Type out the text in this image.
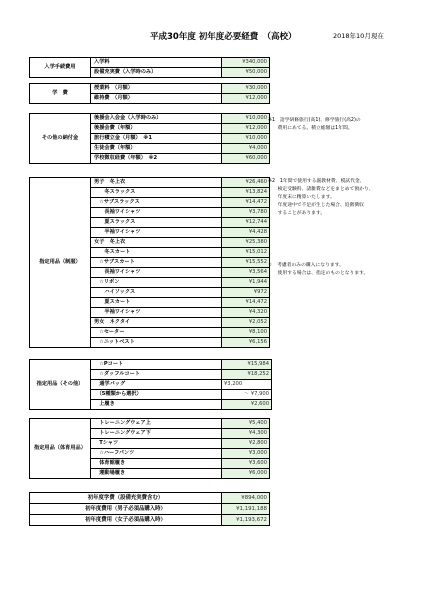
平成30年度 初年度必要経費　（高校）	2018年10月現在
入学手続費用	入学料	¥340,000
	設備充実費（入学時のみ）	¥50,000
学　費	授業料　（月額）	¥30,000
	維持費　（月額）	¥12,000
その他の納付金	後援会入会金（入学時のみ）	¥10,000
	後援会費（年額）	¥12,000
	旅行積立金（月額）　※1	¥10,000
	生徒会費（年額）	¥4,000
	学校徴収経費（年額）　※2	¥60,000
指定用品（制服）	男子　冬上衣	¥26,460
	　　冬スラックス	¥13,824
	　☆サブスラックス	¥14,472
	　　長袖ワイシャツ	¥3,780
	　　夏スラックス	¥12,744
	　　半袖ワイシャツ	¥4,428
	女子　冬上衣	¥25,380
	　　冬スカート	¥15,012
	　☆サブスカート	¥15,552
	　　長袖ワイシャツ	¥3,564
	　☆リボン	¥1,944
	　　ハイソックス	¥972
	　　夏スカート	¥14,472
	　　半袖ワイシャツ	¥4,320
	男女　ネクタイ	¥2,052
	　☆セーター	¥8,100
	　☆ニットベスト	¥6,156
指定用品（その他）	　☆Pコート	¥15,984
	　☆ダッフルコート	¥18,252
	　通学バッグ	¥3,200
	　（5種類から選択）	～ ¥7,900
	　上履き	¥2,600
指定用品（体育用品）	　トレーニングウェア上	¥5,400
	　トレーニングウェア下	¥4,300
	　Tシャツ	¥2,800
	　☆ハーフパンツ	¥3,000
	　体育館履き	¥3,600
	　運動場履き	¥6,000
※1　語学研修旅行(高1)、修学旅行(高2)の
　　費用にあてる。積立総額は1年間。
※2　1年間で使用する副教材費、模試代金、
　　検定受験料、諸雑費などをまとめて預かり、
　　年度末に精算いたします。
　　年度途中で不足が生じた場合、追徴徴収
　　することがあります。
☆　考慮者のみの購入になります。
　　使用する場合は、指定のものとなります。
初年度学費（設備充実費含む）	¥894,000
初年度費用（男子必須品購入時）	¥1,191,188
初年度費用（女子必須品購入時）	¥1,193,672
